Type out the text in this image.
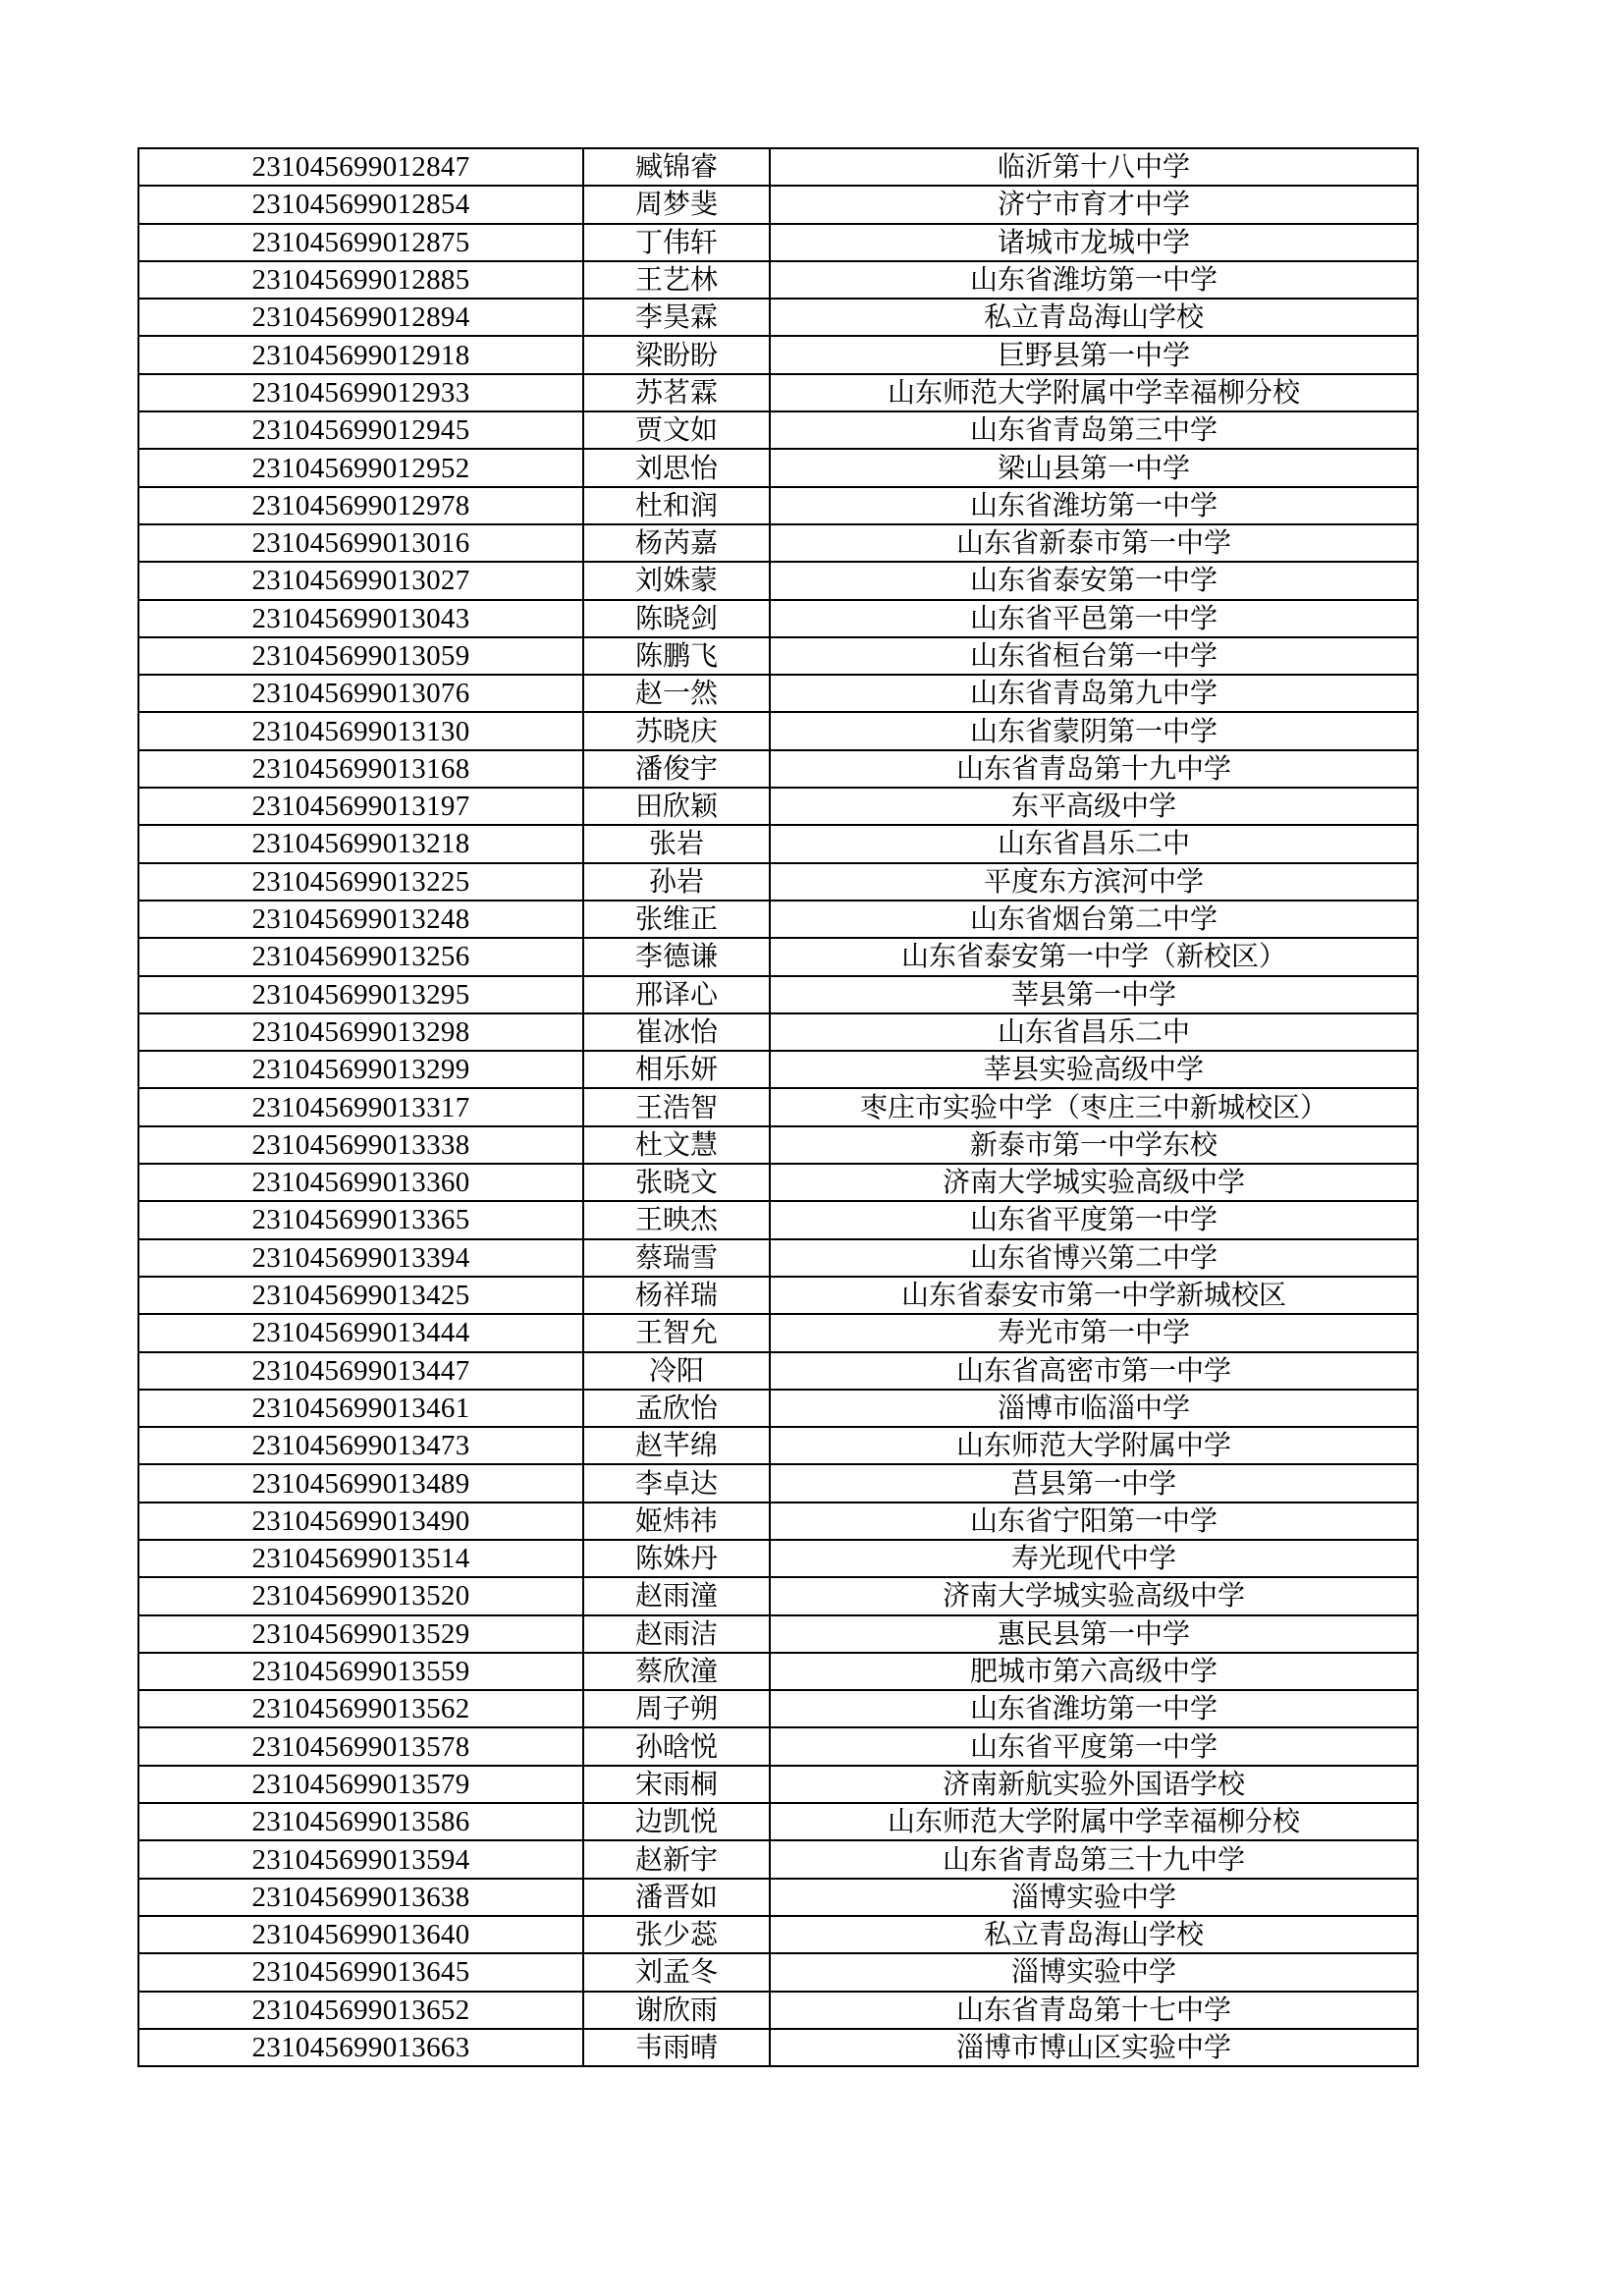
231045699012847	臧锦睿	临沂第十八中学
231045699012854	周梦斐	济宁市育才中学
231045699012875	丁伟轩	诸城市龙城中学
231045699012885	王艺林	山东省潍坊第一中学
231045699012894	李昊霖	私立青岛海山学校
231045699012918	梁盼盼	巨野县第一中学
231045699012933	苏茗霖	山东师范大学附属中学幸福柳分校
231045699012945	贾文如	山东省青岛第三中学
231045699012952	刘思怡	梁山县第一中学
231045699012978	杜和润	山东省潍坊第一中学
231045699013016	杨芮嘉	山东省新泰市第一中学
231045699013027	刘姝蒙	山东省泰安第一中学
231045699013043	陈晓剑	山东省平邑第一中学
231045699013059	陈鹏飞	山东省桓台第一中学
231045699013076	赵一然	山东省青岛第九中学
231045699013130	苏晓庆	山东省蒙阴第一中学
231045699013168	潘俊宇	山东省青岛第十九中学
231045699013197	田欣颖	东平高级中学
231045699013218	张岩	山东省昌乐二中
231045699013225	孙岩	平度东方滨河中学
231045699013248	张维正	山东省烟台第二中学
231045699013256	李德谦	山东省泰安第一中学（新校区）
231045699013295	邢译心	莘县第一中学
231045699013298	崔冰怡	山东省昌乐二中
231045699013299	相乐妍	莘县实验高级中学
231045699013317	王浩智	枣庄市实验中学（枣庄三中新城校区）
231045699013338	杜文慧	新泰市第一中学东校
231045699013360	张晓文	济南大学城实验高级中学
231045699013365	王映杰	山东省平度第一中学
231045699013394	蔡瑞雪	山东省博兴第二中学
231045699013425	杨祥瑞	山东省泰安市第一中学新城校区
231045699013444	王智允	寿光市第一中学
231045699013447	冷阳	山东省高密市第一中学
231045699013461	孟欣怡	淄博市临淄中学
231045699013473	赵芊绵	山东师范大学附属中学
231045699013489	李卓达	莒县第一中学
231045699013490	姬炜祎	山东省宁阳第一中学
231045699013514	陈姝丹	寿光现代中学
231045699013520	赵雨潼	济南大学城实验高级中学
231045699013529	赵雨洁	惠民县第一中学
231045699013559	蔡欣潼	肥城市第六高级中学
231045699013562	周子朔	山东省潍坊第一中学
231045699013578	孙晗悦	山东省平度第一中学
231045699013579	宋雨桐	济南新航实验外国语学校
231045699013586	边凯悦	山东师范大学附属中学幸福柳分校
231045699013594	赵新宇	山东省青岛第三十九中学
231045699013638	潘晋如	淄博实验中学
231045699013640	张少蕊	私立青岛海山学校
231045699013645	刘孟冬	淄博实验中学
231045699013652	谢欣雨	山东省青岛第十七中学
231045699013663	韦雨晴	淄博市博山区实验中学
